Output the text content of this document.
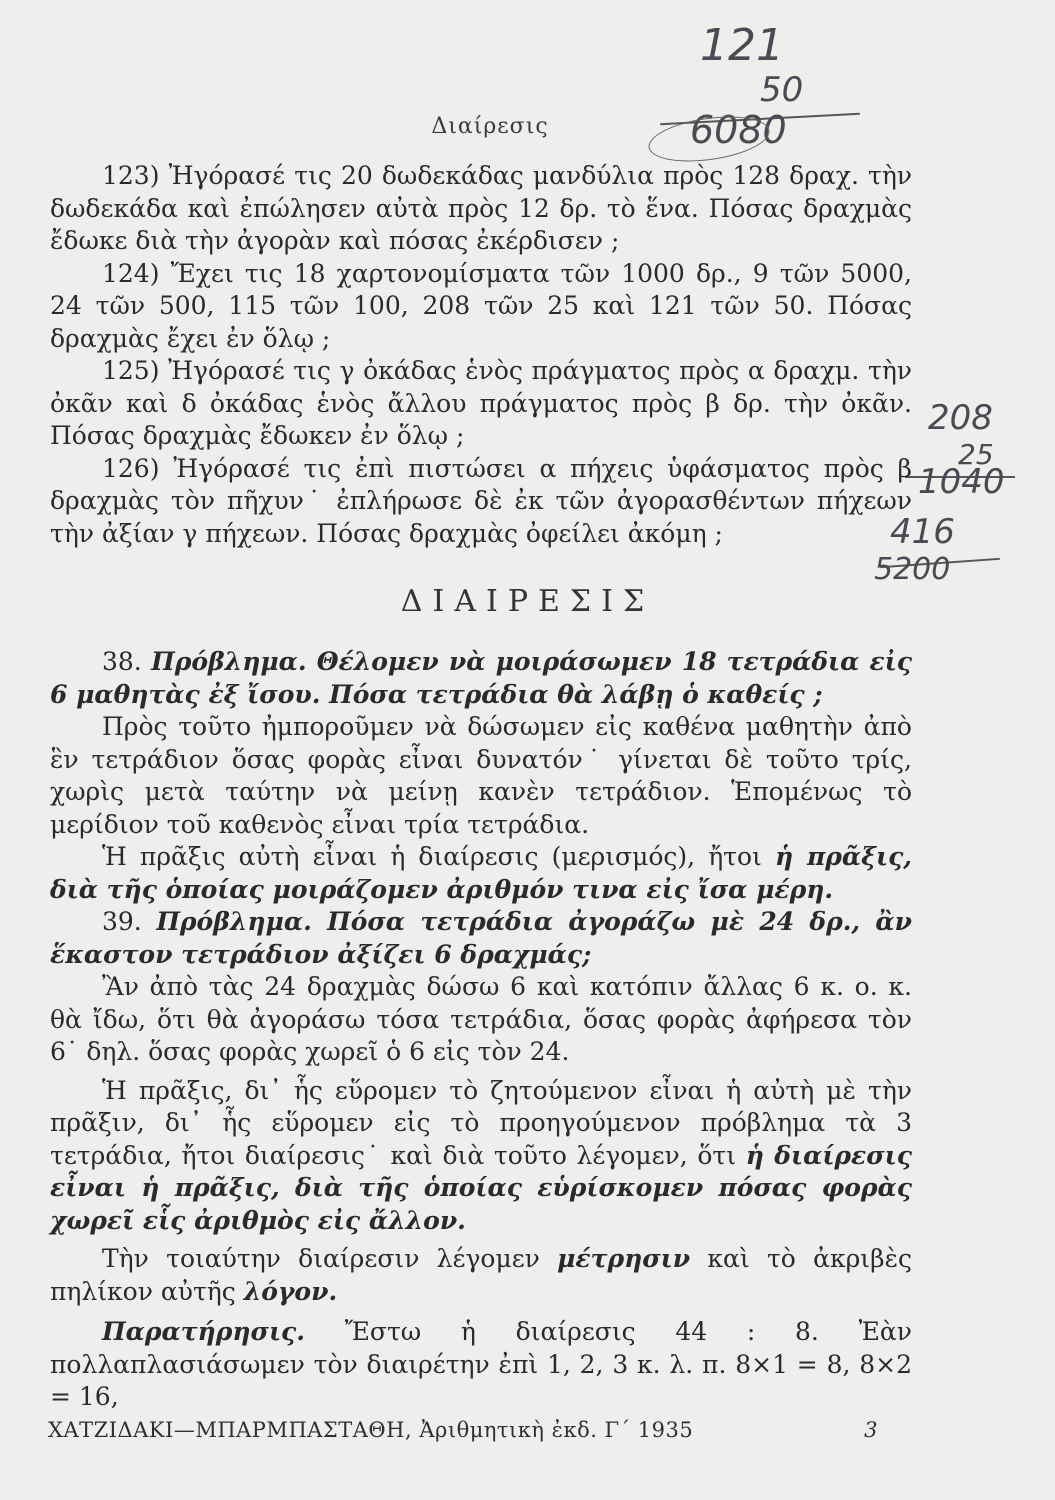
Διαίρεσις
121
50
6080
208
25
1040
416
5200

123) Ἠγόρασέ τις 20 δωδεκάδας μανδύλια πρὸς 128 δραχ. τὴν δωδεκάδα καὶ ἐπώλησεν αὐτὰ πρὸς 12 δρ. τὸ ἕνα. Πόσας δραχμὰς ἔδωκε διὰ τὴν ἀγορὰν καὶ πόσας ἐκέρδισεν ;

124) Ἔχει τις 18 χαρτονομίσματα τῶν 1000 δρ., 9 τῶν 5000, 24 τῶν 500, 115 τῶν 100, 208 τῶν 25 καὶ 121 τῶν 50. Πόσας δραχμὰς ἔχει ἐν ὅλῳ ;

125) Ἠγόρασέ τις γ ὀκάδας ἑνὸς πράγματος πρὸς α δραχμ. τὴν ὀκᾶν καὶ δ ὀκάδας ἑνὸς ἄλλου πράγματος πρὸς β δρ. τὴν ὀκᾶν. Πόσας δραχμὰς ἔδωκεν ἐν ὅλῳ ;

126) Ἠγόρασέ τις ἐπὶ πιστώσει α πήχεις ὑφάσματος πρὸς β δραχμὰς τὸν πῆχυν˙ ἐπλήρωσε δὲ ἐκ τῶν ἀγορασθέντων πήχεων τὴν ἀξίαν γ πήχεων. Πόσας δραχμὰς ὀφείλει ἀκόμη ;

ΔΙΑΙΡΕΣΙΣ

38. Πρόβλημα. Θέλομεν νὰ μοιράσωμεν 18 τετράδια εἰς 6 μαθητὰς ἐξ ἴσου. Πόσα τετράδια θὰ λάβῃ ὁ καθείς ;

Πρὸς τοῦτο ἠμποροῦμεν νὰ δώσωμεν εἰς καθένα μαθητὴν ἀπὸ ἓν τετράδιον ὅσας φορὰς εἶναι δυνατόν˙ γίνεται δὲ τοῦτο τρίς, χωρὶς μετὰ ταύτην νὰ μείνῃ κανὲν τετράδιον. Ἑπομένως τὸ μερίδιον τοῦ καθενὸς εἶναι τρία τετράδια.

Ἡ πρᾶξις αὐτὴ εἶναι ἡ διαίρεσις (μερισμός), ἤτοι ἡ πρᾶξις, διὰ τῆς ὁποίας μοιράζομεν ἀριθμόν τινα εἰς ἴσα μέρη.

39. Πρόβλημα. Πόσα τετράδια ἀγοράζω μὲ 24 δρ., ἂν ἕκαστον τετράδιον ἀξίζει 6 δραχμάς;

Ἂν ἀπὸ τὰς 24 δραχμὰς δώσω 6 καὶ κατόπιν ἄλλας 6 κ. ο. κ. θὰ ἴδω, ὅτι θὰ ἀγοράσω τόσα τετράδια, ὅσας φορὰς ἀφήρεσα τὸν 6˙ δηλ. ὅσας φορὰς χωρεῖ ὁ 6 εἰς τὸν 24.

Ἡ πρᾶξις, δι᾽ ἧς εὕρομεν τὸ ζητούμενον εἶναι ἡ αὐτὴ μὲ τὴν πρᾶξιν, δι᾽ ἧς εὕρομεν εἰς τὸ προηγούμενον πρόβλημα τὰ 3 τετράδια, ἤτοι διαίρεσις˙ καὶ διὰ τοῦτο λέγομεν, ὅτι ἡ διαίρεσις εἶναι ἡ πρᾶξις, διὰ τῆς ὁποίας εὑρίσκομεν πόσας φορὰς χωρεῖ εἷς ἀριθμὸς εἰς ἄλλον.

Τὴν τοιαύτην διαίρεσιν λέγομεν μέτρησιν καὶ τὸ ἀκριβὲς πηλίκον αὐτῆς λόγον.

Παρατήρησις. Ἔστω ἡ διαίρεσις 44 : 8. Ἐὰν πολλαπλασιάσωμεν τὸν διαιρέτην ἐπὶ 1, 2, 3 κ. λ. π. 8×1 = 8, 8×2 = 16,

ΧΑΤΖΙΔΑΚΙ—ΜΠΑΡΜΠΑΣΤΑΘΗ, Ἀριθμητικὴ ἐκδ. Γ´ 1935	3
